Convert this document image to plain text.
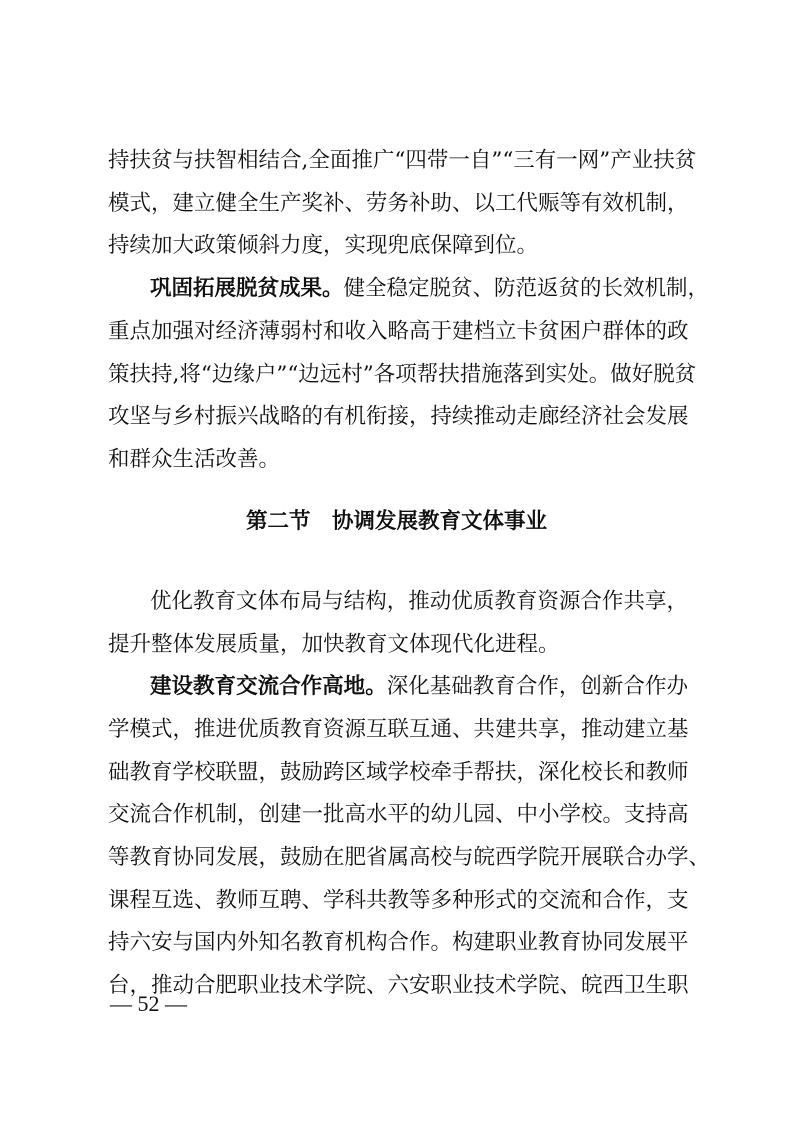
持扶贫与扶智相结合,全面推广“四带一自”“三有一网”产业扶贫
模式，建立健全生产奖补、劳务补助、以工代赈等有效机制，
持续加大政策倾斜力度，实现兜底保障到位。
巩固拓展脱贫成果。健全稳定脱贫、防范返贫的长效机制，
重点加强对经济薄弱村和收入略高于建档立卡贫困户群体的政
策扶持,将“边缘户”“边远村”各项帮扶措施落到实处。做好脱贫
攻坚与乡村振兴战略的有机衔接，持续推动走廊经济社会发展
和群众生活改善。
第二节　协调发展教育文体事业
优化教育文体布局与结构，推动优质教育资源合作共享，
提升整体发展质量，加快教育文体现代化进程。
建设教育交流合作高地。深化基础教育合作，创新合作办
学模式，推进优质教育资源互联互通、共建共享，推动建立基
础教育学校联盟，鼓励跨区域学校牵手帮扶，深化校长和教师
交流合作机制，创建一批高水平的幼儿园、中小学校。支持高
等教育协同发展，鼓励在肥省属高校与皖西学院开展联合办学、
课程互选、教师互聘、学科共教等多种形式的交流和合作，支
持六安与国内外知名教育机构合作。构建职业教育协同发展平
台，推动合肥职业技术学院、六安职业技术学院、皖西卫生职
— 52 —
